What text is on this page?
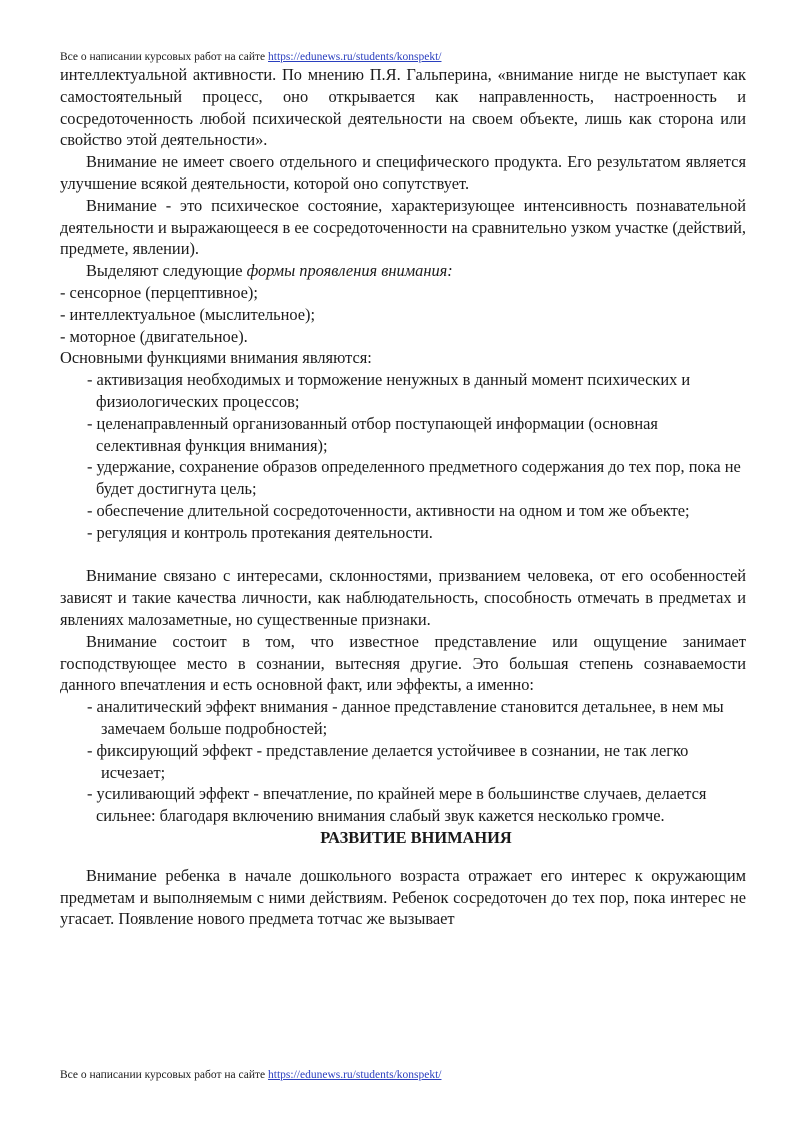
Все о написании курсовых работ на сайте https://edunews.ru/students/konspekt/

интеллектуальной активности. По мнению П.Я. Гальперина, «внимание нигде не выступает как самостоятельный процесс, оно открывается как направленность, настроенность и сосредоточенность любой психической деятельности на своем объекте, лишь как сторона или свойство этой деятельности».

Внимание не имеет своего отдельного и специфического продукта. Его результатом является улучшение всякой деятельности, которой оно сопутствует.

Внимание - это психическое состояние, характеризующее интенсивность познавательной деятельности и выражающееся в ее сосредоточенности на сравнительно узком участке (действий, предмете, явлении).

Выделяют следующие формы проявления внимания:

- сенсорное (перцептивное);

- интеллектуальное (мыслительное);

- моторное (двигательное).

Основными функциями внимания являются:

- активизация необходимых и торможение ненужных в данный момент психических и физиологических процессов;

- целенаправленный организованный отбор поступающей информации (основная селективная функция внимания);

- удержание, сохранение образов определенного предметного содержания до тех пор, пока не будет достигнута цель;

- обеспечение длительной сосредоточенности, активности на одном и том же объекте;

- регуляция и контроль протекания деятельности.

Внимание связано с интересами, склонностями, призванием человека, от его особенностей зависят и такие качества личности, как наблюдательность, способность отмечать в предметах и явлениях малозаметные, но существенные признаки.

Внимание состоит в том, что известное представление или ощущение занимает господствующее место в сознании, вытесняя другие. Это большая степень сознаваемости данного впечатления и есть основной факт, или эффекты, а именно:

- аналитический эффект внимания - данное представление становится детальнее, в нем мы замечаем больше подробностей;

- фиксирующий эффект - представление делается устойчивее в сознании, не так легко исчезает;

- усиливающий эффект - впечатление, по крайней мере в большинстве случаев, делается сильнее: благодаря включению внимания слабый звук кажется несколько громче.

РАЗВИТИЕ ВНИМАНИЯ

Внимание ребенка в начале дошкольного возраста отражает его интерес к окружающим предметам и выполняемым с ними действиям. Ребенок сосредоточен до тех пор, пока интерес не угасает. Появление нового предмета тотчас же вызывает

Все о написании курсовых работ на сайте https://edunews.ru/students/konspekt/
